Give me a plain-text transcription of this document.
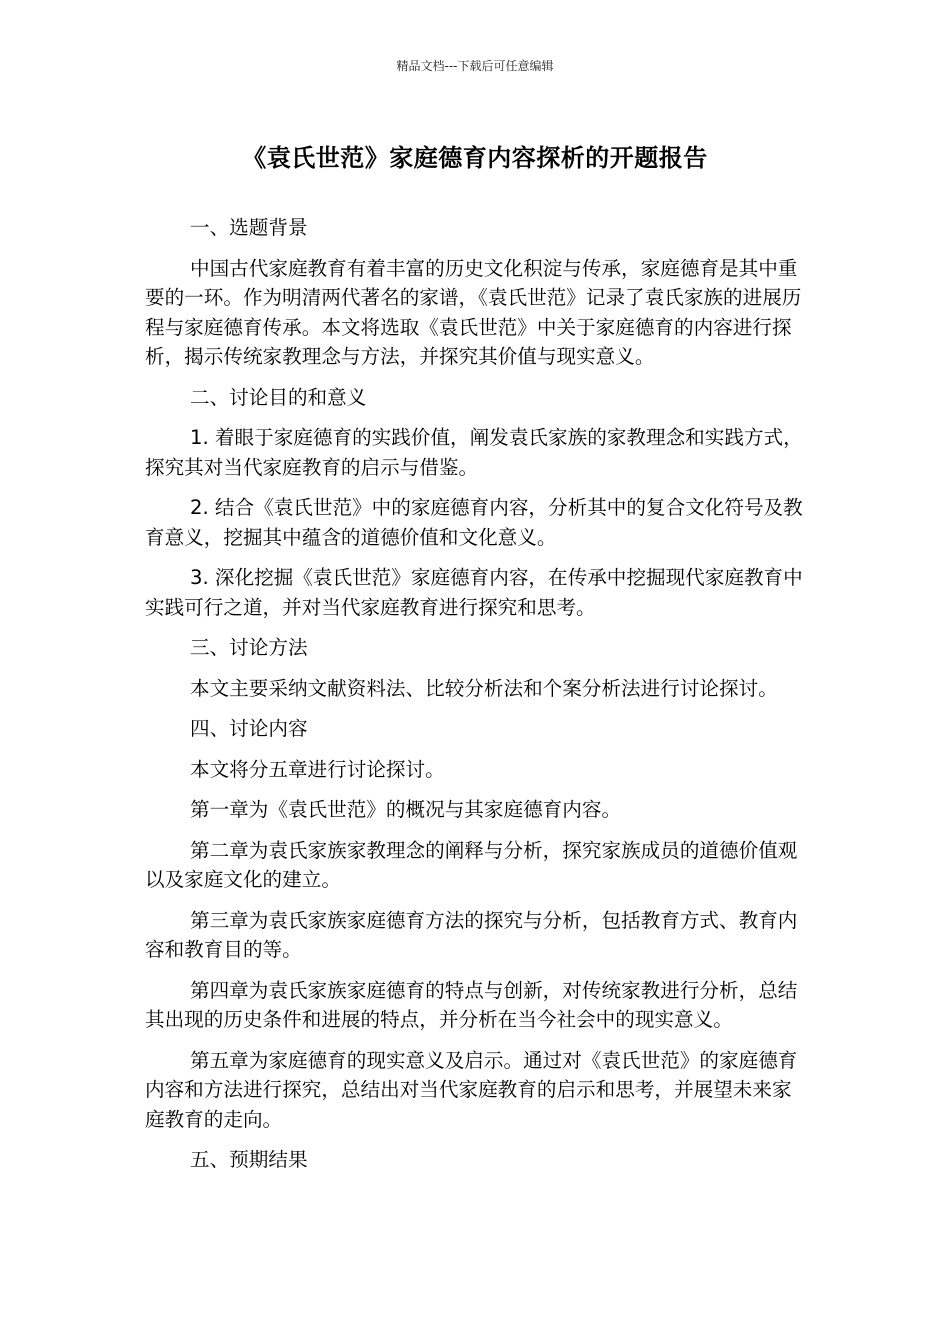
精品文档---下载后可任意编辑
《袁氏世范》家庭德育内容探析的开题报告

一、选题背景

中国古代家庭教育有着丰富的历史文化积淀与传承，家庭德育是其中重要的一环。作为明清两代著名的家谱，《袁氏世范》记录了袁氏家族的进展历程与家庭德育传承。本文将选取《袁氏世范》中关于家庭德育的内容进行探析，揭示传统家教理念与方法，并探究其价值与现实意义。

二、讨论目的和意义

1. 着眼于家庭德育的实践价值，阐发袁氏家族的家教理念和实践方式，探究其对当代家庭教育的启示与借鉴。

2. 结合《袁氏世范》中的家庭德育内容，分析其中的复合文化符号及教育意义，挖掘其中蕴含的道德价值和文化意义。

3. 深化挖掘《袁氏世范》家庭德育内容，在传承中挖掘现代家庭教育中实践可行之道，并对当代家庭教育进行探究和思考。

三、讨论方法

本文主要采纳文献资料法、比较分析法和个案分析法进行讨论探讨。

四、讨论内容

本文将分五章进行讨论探讨。

第一章为《袁氏世范》的概况与其家庭德育内容。

第二章为袁氏家族家教理念的阐释与分析，探究家族成员的道德价值观以及家庭文化的建立。

第三章为袁氏家族家庭德育方法的探究与分析，包括教育方式、教育内容和教育目的等。

第四章为袁氏家族家庭德育的特点与创新，对传统家教进行分析，总结其出现的历史条件和进展的特点，并分析在当今社会中的现实意义。

第五章为家庭德育的现实意义及启示。通过对《袁氏世范》的家庭德育内容和方法进行探究，总结出对当代家庭教育的启示和思考，并展望未来家庭教育的走向。

五、预期结果
